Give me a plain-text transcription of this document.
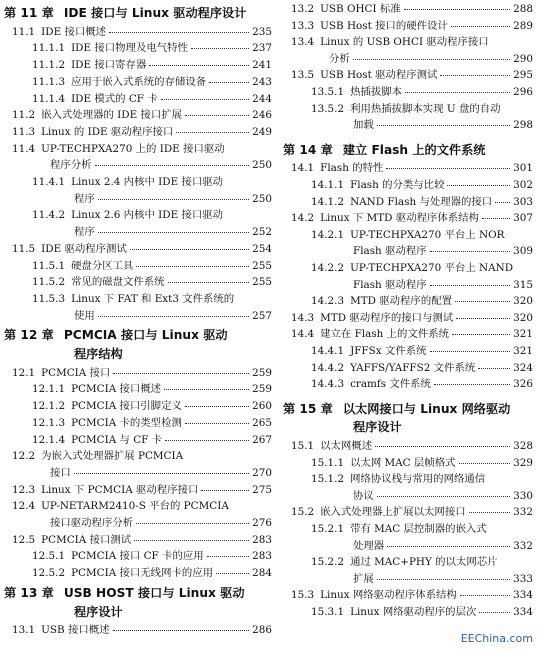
第 11 章 IDE 接口与 Linux 驱动程序设计
11.1 IDE 接口概述	235
11.1.1 IDE 接口物理及电气特性	237
11.1.2 IDE 接口寄存器	241
11.1.3 应用于嵌入式系统的存储设备	243
11.1.4 IDE 模式的 CF 卡	244
11.2 嵌入式处理器的 IDE 接口扩展	246
11.3 Linux 的 IDE 驱动程序接口	249
11.4 UP-TECHPXA270 上的 IDE 接口驱动
程序分析	250
11.4.1 Linux 2.4 内核中 IDE 接口驱动
程序	250
11.4.2 Linux 2.6 内核中 IDE 接口驱动
程序	252
11.5 IDE 驱动程序测试	254
11.5.1 硬盘分区工具	255
11.5.2 常见的磁盘文件系统	255
11.5.3 Linux 下 FAT 和 Ext3 文件系统的
使用	257
第 12 章 PCMCIA 接口与 Linux 驱动
程序结构
12.1 PCMCIA 接口	259
12.1.1 PCMCIA 接口概述	259
12.1.2 PCMCIA 接口引脚定义	260
12.1.3 PCMCIA 卡的类型检测	265
12.1.4 PCMCIA 与 CF 卡	267
12.2 为嵌入式处理器扩展 PCMCIA
接口	270
12.3 Linux 下 PCMCIA 驱动程序接口	275
12.4 UP-NETARM2410-S 平台的 PCMCIA
接口驱动程序分析	276
12.5 PCMCIA 接口测试	283
12.5.1 PCMCIA 接口 CF 卡的应用	283
12.5.2 PCMCIA 接口无线网卡的应用	284
第 13 章 USB HOST 接口与 Linux 驱动
程序设计
13.1 USB 接口概述	286
13.2 USB OHCI 标准	288
13.3 USB Host 接口的硬件设计	289
13.4 Linux 的 USB OHCI 驱动程序接口
分析	290
13.5 USB Host 驱动程序测试	295
13.5.1 热插拔脚本	296
13.5.2 利用热插拔脚本实现 U 盘的自动
加载	298
第 14 章 建立 Flash 上的文件系统
14.1 Flash 的特性	301
14.1.1 Flash 的分类与比较	302
14.1.2 NAND Flash 与处理器的接口 303
14.2 Linux 下 MTD 驱动程序体系结构	307
14.2.1 UP-TECHPXA270 平台上 NOR
Flash 驱动程序	309
14.2.2 UP-TECHPXA270 平台上 NAND
Flash 驱动程序	315
14.2.3 MTD 驱动程序的配置	320
14.3 MTD 驱动程序的接口与测试	320
14.4 建立在 Flash 上的文件系统	321
14.4.1 JFFSx 文件系统	321
14.4.2 YAFFS/YAFFS2 文件系统	324
14.4.3 cramfs 文件系统	326
第 15 章 以太网接口与 Linux 网络驱动
程序设计
15.1 以太网概述	328
15.1.1 以太网 MAC 层帧格式	329
15.1.2 网络协议栈与常用的网络通信
协议	330
15.2 嵌入式处理器上扩展以太网接口	332
15.2.1 带有 MAC 层控制器的嵌入式
处理器	332
15.2.2 通过 MAC+PHY 的以太网芯片
扩展	333
15.3 Linux 网络驱动程序体系结构	334
15.3.1 Linux 网络驱动程序的层次	334
EEChina.com
